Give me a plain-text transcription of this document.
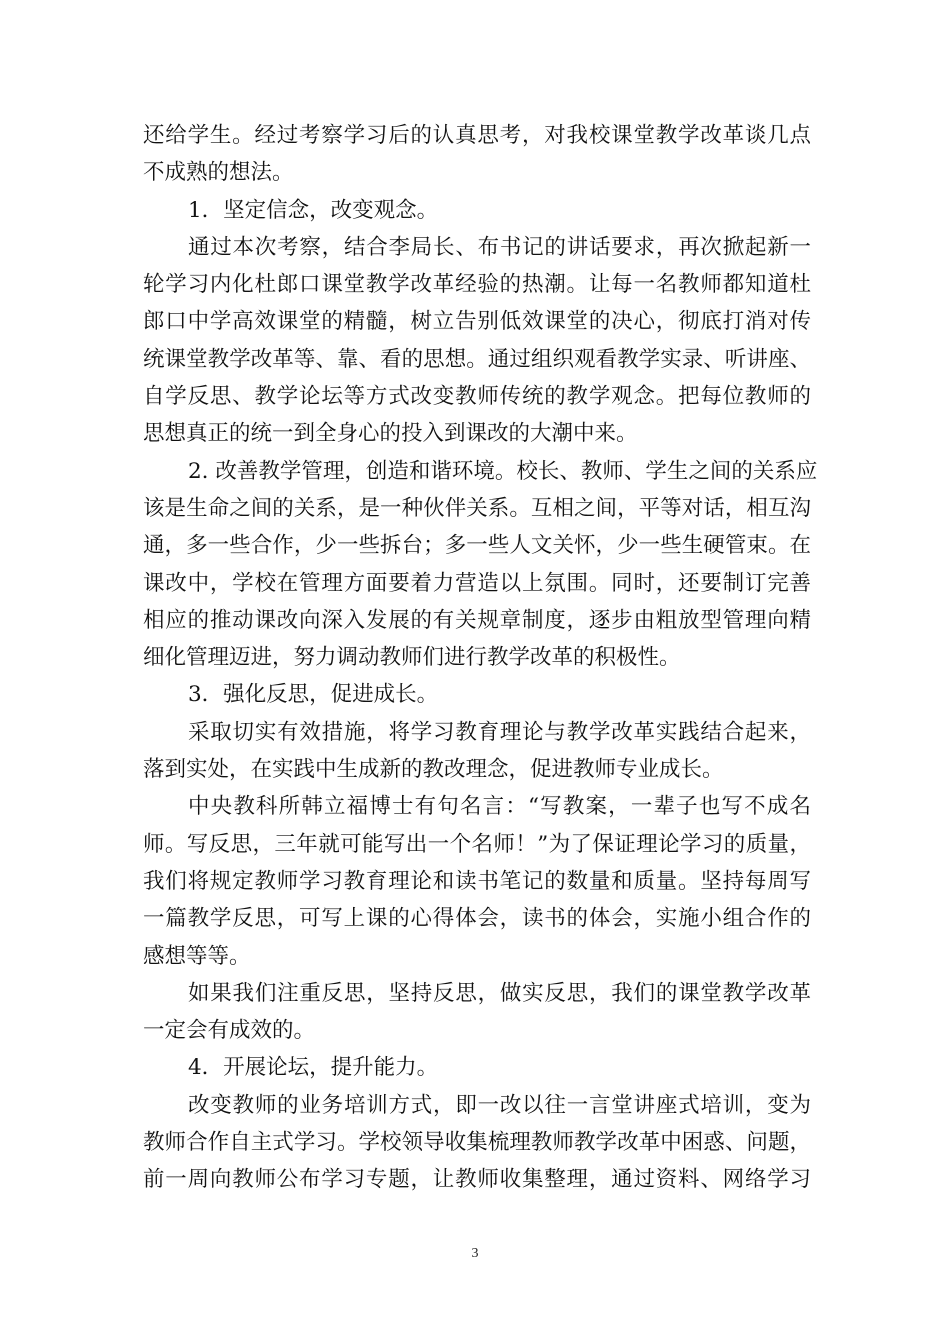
还给学生。经过考察学习后的认真思考，对我校课堂教学改革谈几点
不成熟的想法。
1．坚定信念，改变观念。
通过本次考察，结合李局长、布书记的讲话要求，再次掀起新一
轮学习内化杜郎口课堂教学改革经验的热潮。让每一名教师都知道杜
郎口中学高效课堂的精髓，树立告别低效课堂的决心，彻底打消对传
统课堂教学改革等、靠、看的思想。通过组织观看教学实录、听讲座、
自学反思、教学论坛等方式改变教师传统的教学观念。把每位教师的
思想真正的统一到全身心的投入到课改的大潮中来。
2. 改善教学管理，创造和谐环境。校长、教师、学生之间的关系应
该是生命之间的关系，是一种伙伴关系。互相之间，平等对话，相互沟
通，多一些合作，少一些拆台；多一些人文关怀，少一些生硬管束。在
课改中，学校在管理方面要着力营造以上氛围。同时，还要制订完善
相应的推动课改向深入发展的有关规章制度，逐步由粗放型管理向精
细化管理迈进，努力调动教师们进行教学改革的积极性。
3．强化反思，促进成长。
采取切实有效措施，将学习教育理论与教学改革实践结合起来，
落到实处，在实践中生成新的教改理念，促进教师专业成长。
中央教科所韩立福博士有句名言：“写教案，一辈子也写不成名
师。写反思，三年就可能写出一个名师！”为了保证理论学习的质量，
我们将规定教师学习教育理论和读书笔记的数量和质量。坚持每周写
一篇教学反思，可写上课的心得体会，读书的体会，实施小组合作的
感想等等。
如果我们注重反思，坚持反思，做实反思，我们的课堂教学改革
一定会有成效的。
4．开展论坛，提升能力。
改变教师的业务培训方式，即一改以往一言堂讲座式培训，变为
教师合作自主式学习。学校领导收集梳理教师教学改革中困惑、问题，
前一周向教师公布学习专题，让教师收集整理，通过资料、网络学习
3
